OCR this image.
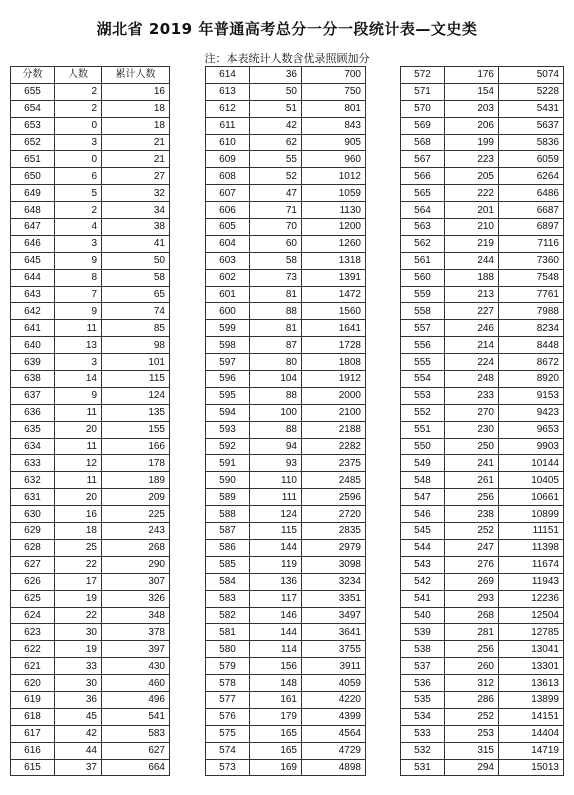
湖北省 2019 年普通高考总分一分一段统计表—文史类
注：本表统计人数含优录照顾加分
分数	人数	累计人数
655	2	16
654	2	18
653	0	18
652	3	21
651	0	21
650	6	27
649	5	32
648	2	34
647	4	38
646	3	41
645	9	50
644	8	58
643	7	65
642	9	74
641	11	85
640	13	98
639	3	101
638	14	115
637	9	124
636	11	135
635	20	155
634	11	166
633	12	178
632	11	189
631	20	209
630	16	225
629	18	243
628	25	268
627	22	290
626	17	307
625	19	326
624	22	348
623	30	378
622	19	397
621	33	430
620	30	460
619	36	496
618	45	541
617	42	583
616	44	627
615	37	664
614	36	700
613	50	750
612	51	801
611	42	843
610	62	905
609	55	960
608	52	1012
607	47	1059
606	71	1130
605	70	1200
604	60	1260
603	58	1318
602	73	1391
601	81	1472
600	88	1560
599	81	1641
598	87	1728
597	80	1808
596	104	1912
595	88	2000
594	100	2100
593	88	2188
592	94	2282
591	93	2375
590	110	2485
589	111	2596
588	124	2720
587	115	2835
586	144	2979
585	119	3098
584	136	3234
583	117	3351
582	146	3497
581	144	3641
580	114	3755
579	156	3911
578	148	4059
577	161	4220
576	179	4399
575	165	4564
574	165	4729
573	169	4898
572	176	5074
571	154	5228
570	203	5431
569	206	5637
568	199	5836
567	223	6059
566	205	6264
565	222	6486
564	201	6687
563	210	6897
562	219	7116
561	244	7360
560	188	7548
559	213	7761
558	227	7988
557	246	8234
556	214	8448
555	224	8672
554	248	8920
553	233	9153
552	270	9423
551	230	9653
550	250	9903
549	241	10144
548	261	10405
547	256	10661
546	238	10899
545	252	11151
544	247	11398
543	276	11674
542	269	11943
541	293	12236
540	268	12504
539	281	12785
538	256	13041
537	260	13301
536	312	13613
535	286	13899
534	252	14151
533	253	14404
532	315	14719
531	294	15013
